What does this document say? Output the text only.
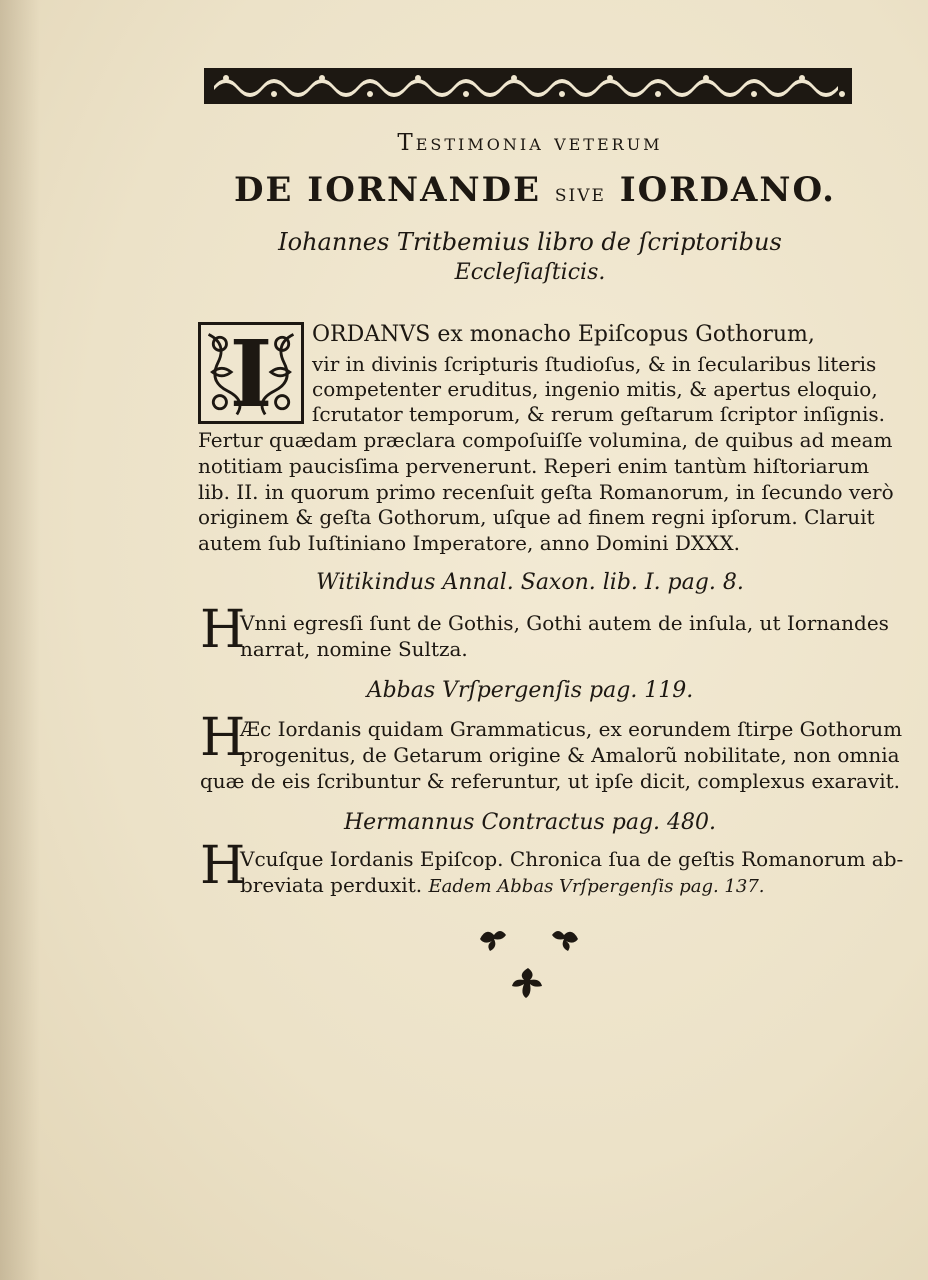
Testimonia veterum
DE IORNANDE sive IORDANO.
Iohannes Tritbemius libro de ſcriptoribus
Eccleſiaſticis.
I	ORDANVS ex monacho Epiſcopus Gothorum,
vir in divinis ſcripturis ſtudioſus, & in ſecularibus literis
competenter eruditus, ingenio mitis, & apertus eloquio,
ſcrutator temporum, & rerum geſtarum ſcriptor inſignis.
Fertur quædam præclara compoſuiſſe volumina, de quibus ad meam
notitiam paucisſima pervenerunt. Reperi enim tantùm hiſtoriarum
lib. II. in quorum primo recenſuit geſta Romanorum, in ſecundo verò
originem & geſta Gothorum, uſque ad finem regni ipſorum. Claruit
autem ſub Iuſtiniano Imperatore, anno Domini DXXX.
Witikindus Annal. Saxon. lib. I. pag. 8.
H
Vnni egresſi ſunt de Gothis, Gothi autem de inſula, ut Iornandes
narrat, nomine Sultza.
Abbas Vrſpergenſis pag. 119.
H
Æc Iordanis quidam Grammaticus, ex eorundem ſtirpe Gothorum
progenitus, de Getarum origine & Amalorũ nobilitate, non omnia
quæ de eis ſcribuntur & referuntur, ut ipſe dicit, complexus exaravit.
Hermannus Contractus pag. 480.
H
Vcuſque Iordanis Epiſcop. Chronica ſua de geſtis Romanorum ab-
breviata perduxit. Eadem Abbas Vrſpergenſis pag. 137.
